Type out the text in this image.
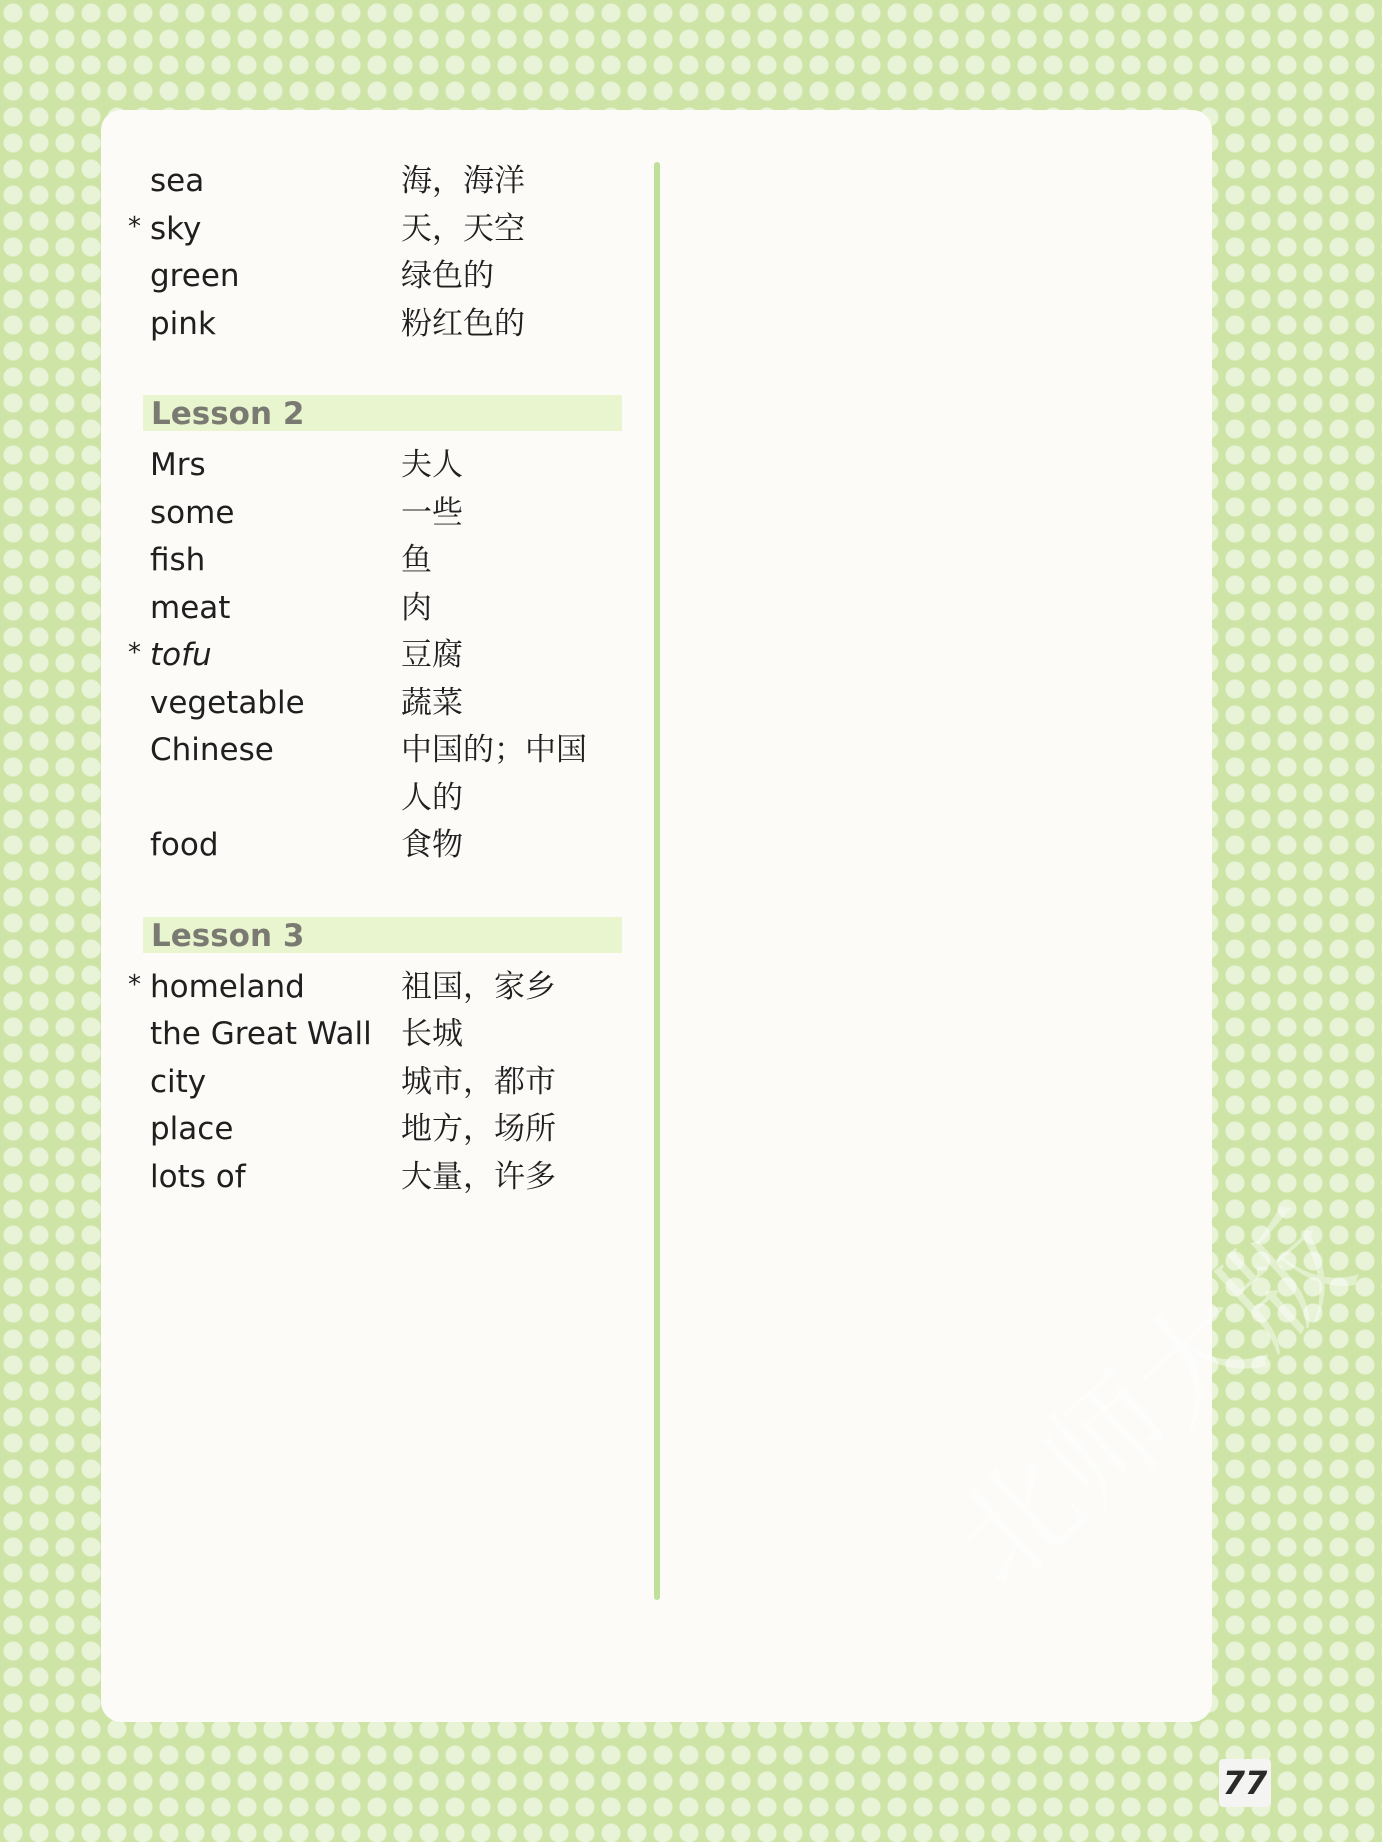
sea	海，海洋
* sky	天，天空
green	绿色的
pink	粉红色的
Lesson 2
Mrs	夫人
some	一些
fish	鱼
meat	肉
* tofu	豆腐
vegetable	蔬菜
Chinese	中国的；中国
人的
food	食物
Lesson 3
* homeland	祖国，家乡
the Great Wall 长城
city	城市，都市
place	地方，场所
lots of	大量，许多
北师大版
77
